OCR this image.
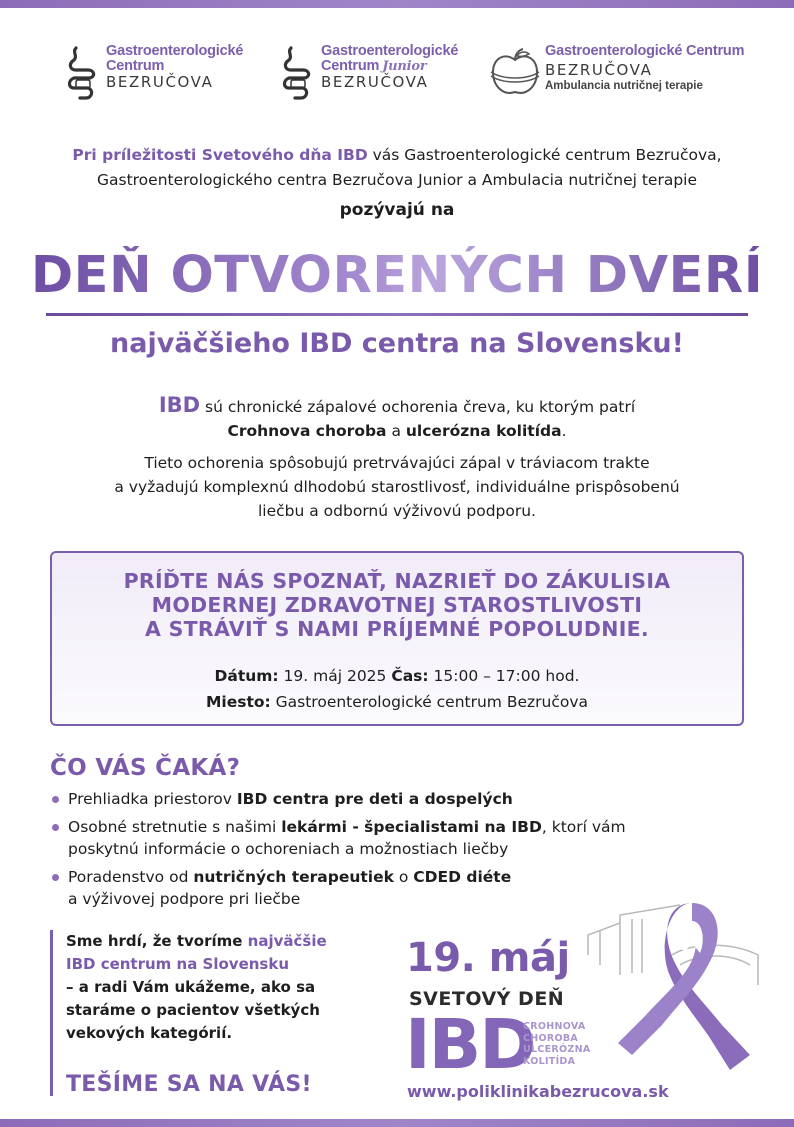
Gastroenterologické
Centrum
BEZRUČOVA
Gastroenterologické
Centrum Junior
BEZRUČOVA
Gastroenterologické Centrum
BEZRUČOVA
Ambulancia nutričnej terapie
Pri príležitosti Svetového dňa IBD vás Gastroenterologické centrum Bezručova,
Gastroenterologického centra Bezručova Junior a Ambulacia nutričnej terapie
pozývajú na
DEŇ OTVORENÝCH DVERÍ
najväčšieho IBD centra na Slovensku!
IBD sú chronické zápalové ochorenia čreva, ku ktorým patrí
Crohnova choroba a ulcerózna kolitída.
Tieto ochorenia spôsobujú pretrvávajúci zápal v tráviacom trakte
a vyžadujú komplexnú dlhodobú starostlivosť, individuálne prispôsobenú
liečbu a odbornú výživovú podporu.
PRÍĎTE NÁS SPOZNAŤ, NAZRIEŤ DO ZÁKULISIA
MODERNEJ ZDRAVOTNEJ STAROSTLIVOSTI
A STRÁVIŤ S NAMI PRÍJEMNÉ POPOLUDNIE.
Dátum: 19. máj 2025 Čas: 15:00 – 17:00 hod.
Miesto: Gastroenterologické centrum Bezručova
ČO VÁS ČAKÁ?
Prehliadka priestorov IBD centra pre deti a dospelých
Osobné stretnutie s našimi lekármi - špecialistami na IBD, ktorí vám
poskytnú informácie o ochoreniach a možnostiach liečby
Poradenstvo od nutričných terapeutiek o CDED diéte
a výživovej podpore pri liečbe
Sme hrdí, že tvoríme najväčšie IBD centrum na Slovensku
– a radi Vám ukážeme, ako sa staráme o pacientov všetkých vekových kategórií.
TEŠÍME SA NA VÁS!
19. máj
SVETOVÝ DEŇ
IBD
CROHNOVA
CHOROBA
ULCERÓZNA
KOLITÍDA
www.poliklinikabezrucova.sk
